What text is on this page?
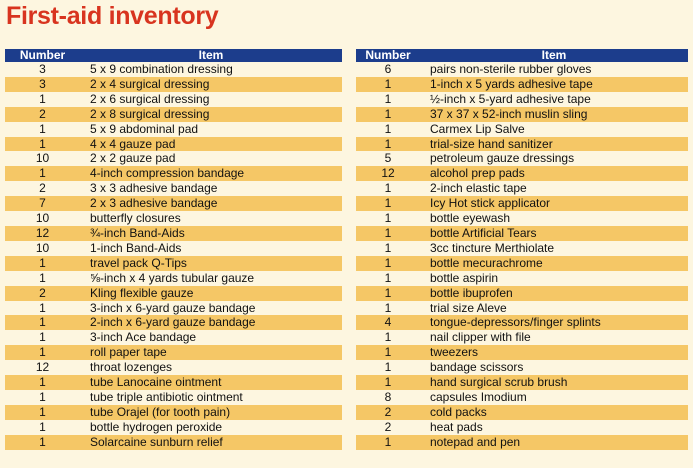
First-aid inventory
Number	Item
3	5 x 9 combination dressing
3	2 x 4 surgical dressing
1	2 x 6 surgical dressing
2	2 x 8 surgical dressing
1	5 x 9 abdominal pad
1	4 x 4 gauze pad
10	2 x 2 gauze pad
1	4-inch compression bandage
2	3 x 3 adhesive bandage
7	2 x 3 adhesive bandage
10	butterfly closures
12	¾-inch Band-Aids
10	1-inch Band-Aids
1	travel pack Q-Tips
1	⅝-inch x 4 yards tubular gauze
2	Kling flexible gauze
1	3-inch x 6-yard gauze bandage
1	2-inch x 6-yard gauze bandage
1	3-inch Ace bandage
1	roll paper tape
12	throat lozenges
1	tube Lanocaine ointment
1	tube triple antibiotic ointment
1	tube Orajel (for tooth pain)
1	bottle hydrogen peroxide
1	Solarcaine sunburn relief
Number	Item
6	pairs non-sterile rubber gloves
1	1-inch x 5 yards adhesive tape
1	½-inch x 5-yard adhesive tape
1	37 x 37 x 52-inch muslin sling
1	Carmex Lip Salve
1	trial-size hand sanitizer
5	petroleum gauze dressings
12	alcohol prep pads
1	2-inch elastic tape
1	Icy Hot stick applicator
1	bottle eyewash
1	bottle Artificial Tears
1	3cc tincture Merthiolate
1	bottle mecurachrome
1	bottle aspirin
1	bottle ibuprofen
1	trial size Aleve
4	tongue-depressors/finger splints
1	nail clipper with file
1	tweezers
1	bandage scissors
1	hand surgical scrub brush
8	capsules Imodium
2	cold packs
2	heat pads
1	notepad and pen
